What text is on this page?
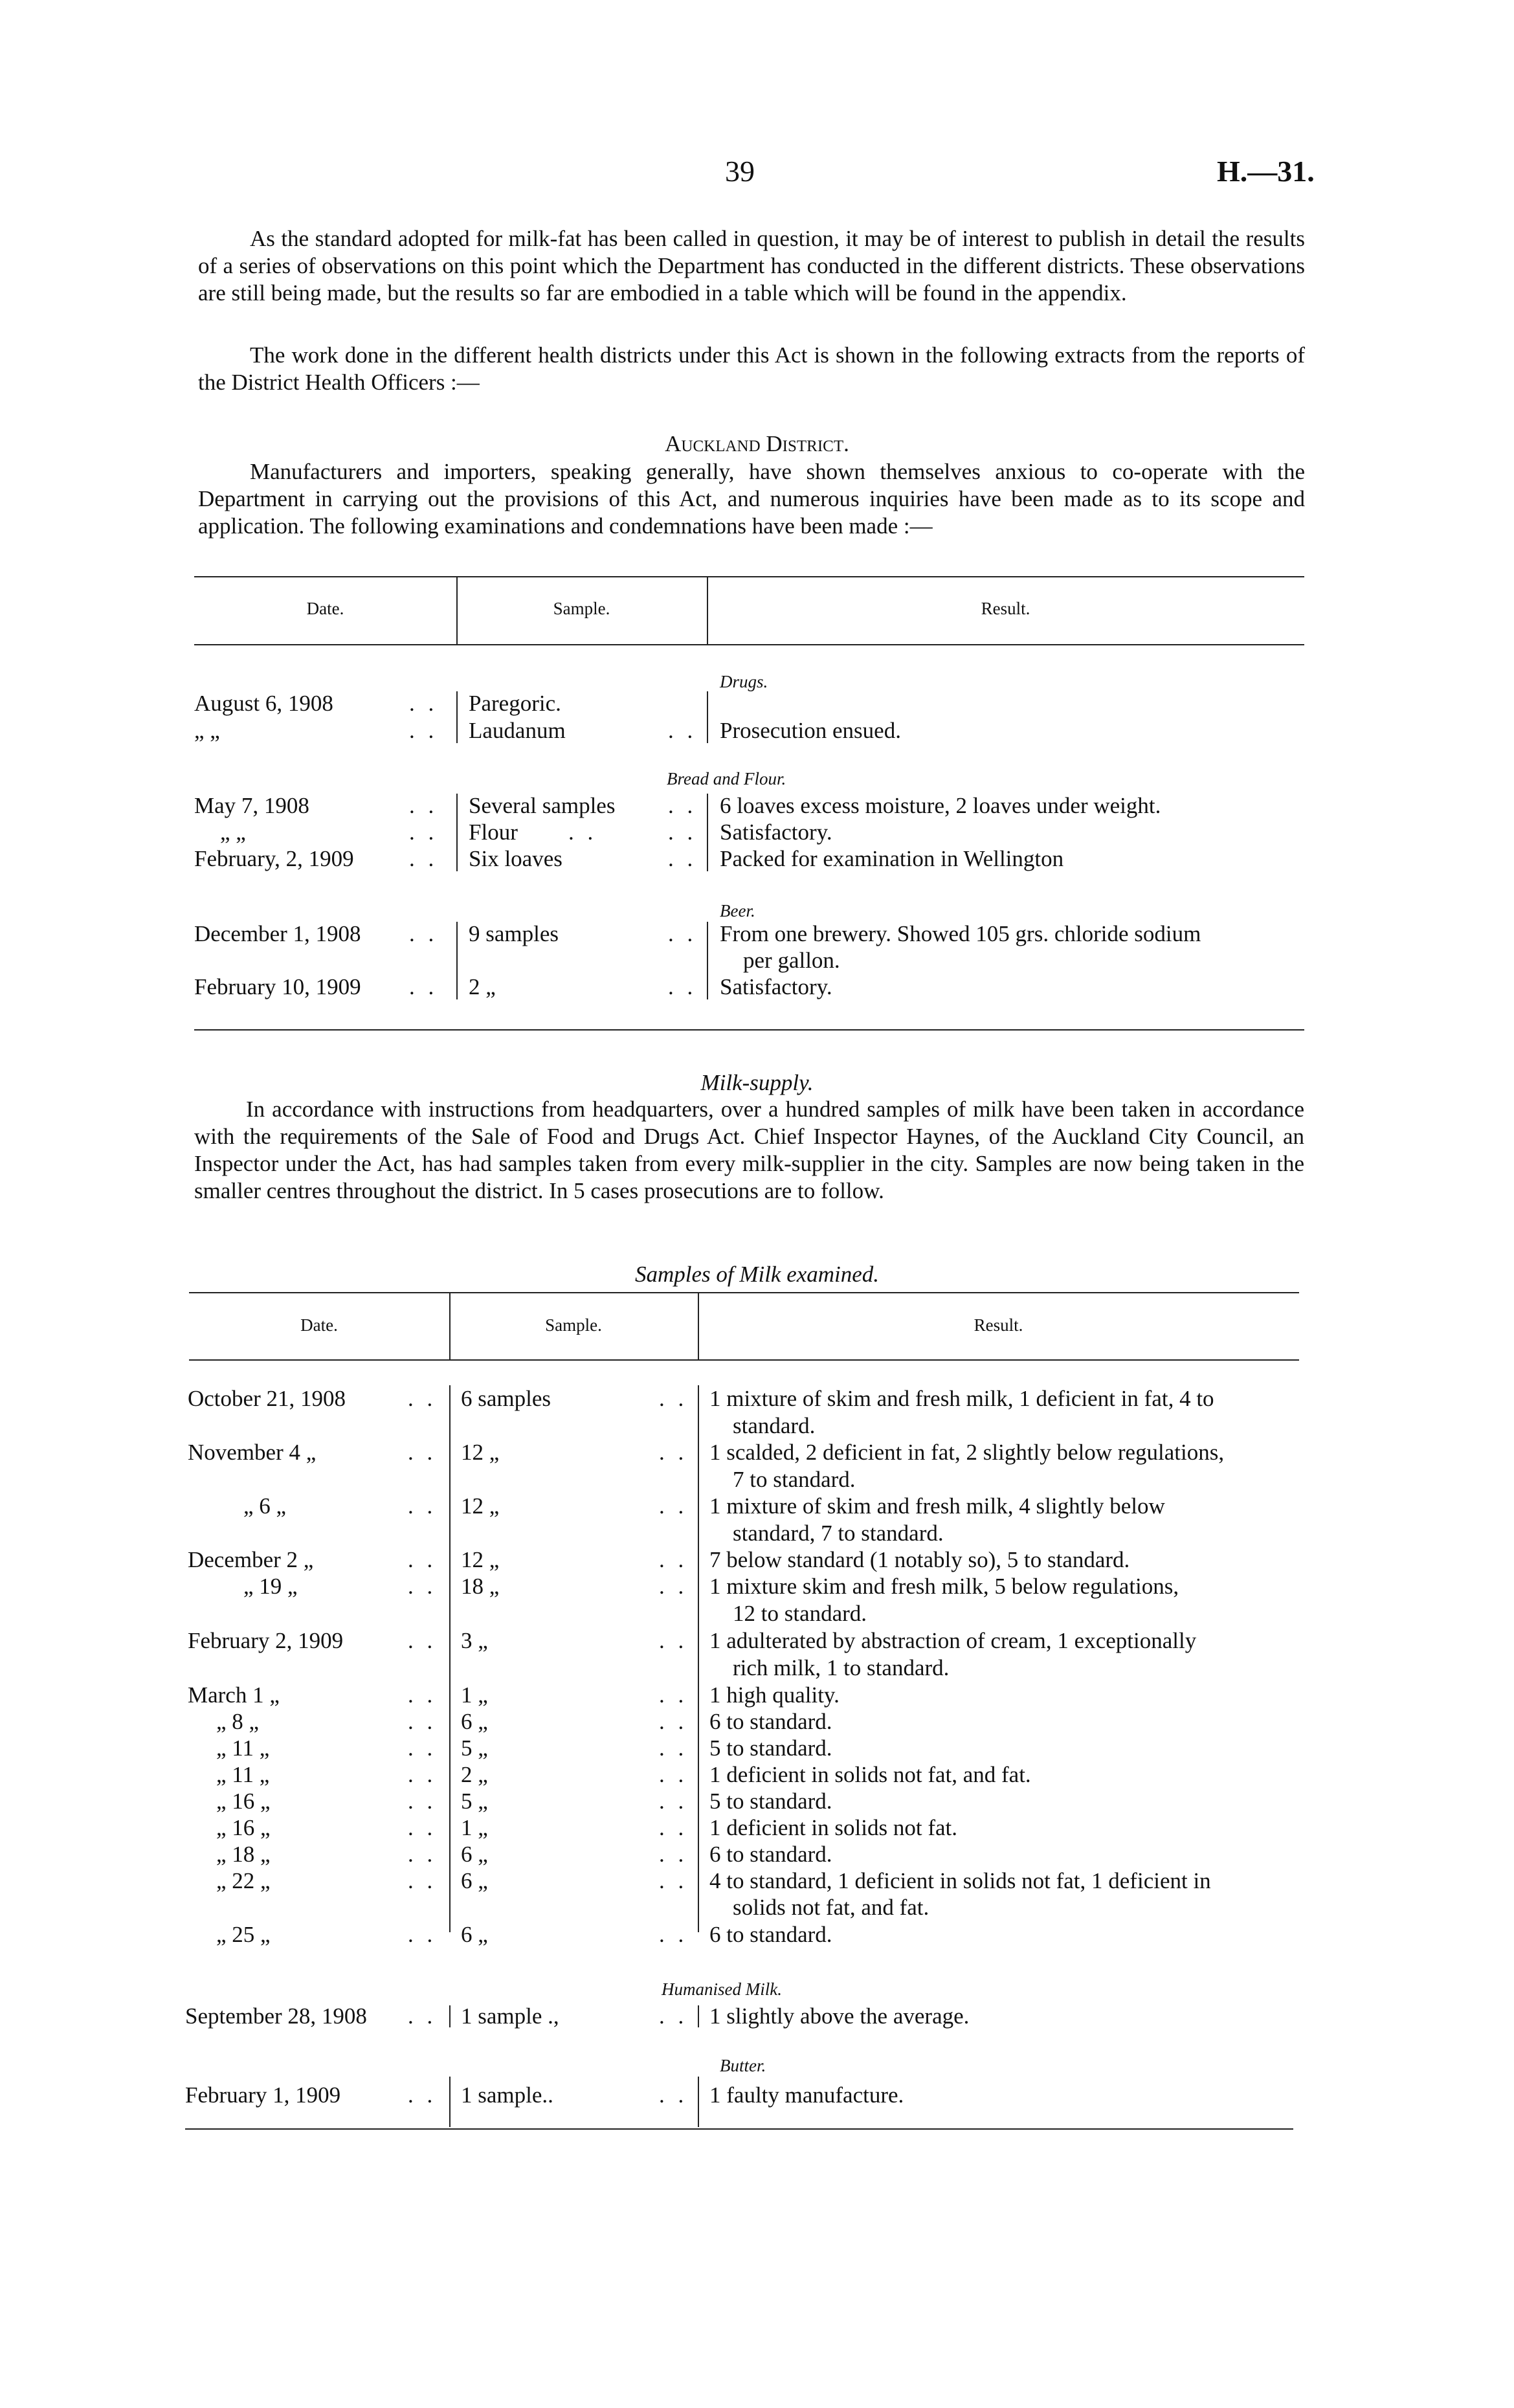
39	H.—31.
As the standard adopted for milk-fat has been called in question, it may be of interest to publish in detail the results of a series of observations on this point which the Department has conducted in the different districts. These observations are still being made, but the results so far are embodied in a table which will be found in the appendix.
The work done in the different health districts under this Act is shown in the following extracts from the reports of the District Health Officers :—
Auckland District.
Manufacturers and importers, speaking generally, have shown themselves anxious to co-operate with the Department in carrying out the provisions of this Act, and numerous inquiries have been made as to its scope and application. The following examinations and condemnations have been made :—
Date.	Sample.	Result.
Drugs.
August 6, 1908	. . Paregoric.
„ „	. . Laudanum	. . Prosecution ensued.
Bread and Flour.
May 7, 1908	. . Several samples . . 6 loaves excess moisture, 2 loaves under weight.
„ „	. . Flour . .	. . Satisfactory.
February, 2, 1909 . . Six loaves	. . Packed for examination in Wellington
Beer.
December 1, 1908 . . 9 samples	. . From one brewery. Showed 105 grs. chloride sodium
per gallon.
February 10, 1909 . . 2 „	. . Satisfactory.
Milk-supply.
In accordance with instructions from headquarters, over a hundred samples of milk have been taken in accordance with the requirements of the Sale of Food and Drugs Act. Chief Inspector Haynes, of the Auckland City Council, an Inspector under the Act, has had samples taken from every milk-supplier in the city. Samples are now being taken in the smaller centres throughout the district. In 5 cases prosecutions are to follow.
Samples of Milk examined.
Date.	Sample.	Result.
October 21, 1908	. . 6 samples	. . 1 mixture of skim and fresh milk, 1 deficient in fat, 4 to
standard.
November 4 „	. . 12 „	. . 1 scalded, 2 deficient in fat, 2 slightly below regulations,
7 to standard.
„ 6 „	. . 12 „	. . 1 mixture of skim and fresh milk, 4 slightly below
standard, 7 to standard.
December 2 „	. . 12 „	. . 7 below standard (1 notably so), 5 to standard.
„ 19 „	. . 18 „	. . 1 mixture skim and fresh milk, 5 below regulations,
12 to standard.
February 2, 1909	. . 3 „	. . 1 adulterated by abstraction of cream, 1 exceptionally
rich milk, 1 to standard.
March 1 „	. . 1 „	. . 1 high quality.
„ 8 „	. . 6 „	. . 6 to standard.
„ 11 „	. . 5 „	. . 5 to standard.
„ 11 „	. . 2 „	. . 1 deficient in solids not fat, and fat.
„ 16 „	. . 5 „	. . 5 to standard.
„ 16 „	. . 1 „	. . 1 deficient in solids not fat.
„ 18 „	. . 6 „	. . 6 to standard.
„ 22 „	. . 6 „	. . 4 to standard, 1 deficient in solids not fat, 1 deficient in
solids not fat, and fat.
„ 25 „	. . 6 „	. . 6 to standard.
Humanised Milk.
September 28, 1908 . . 1 sample .,	. . 1 slightly above the average.
Butter.
February 1, 1909	. . 1 sample..	. . 1 faulty manufacture.
